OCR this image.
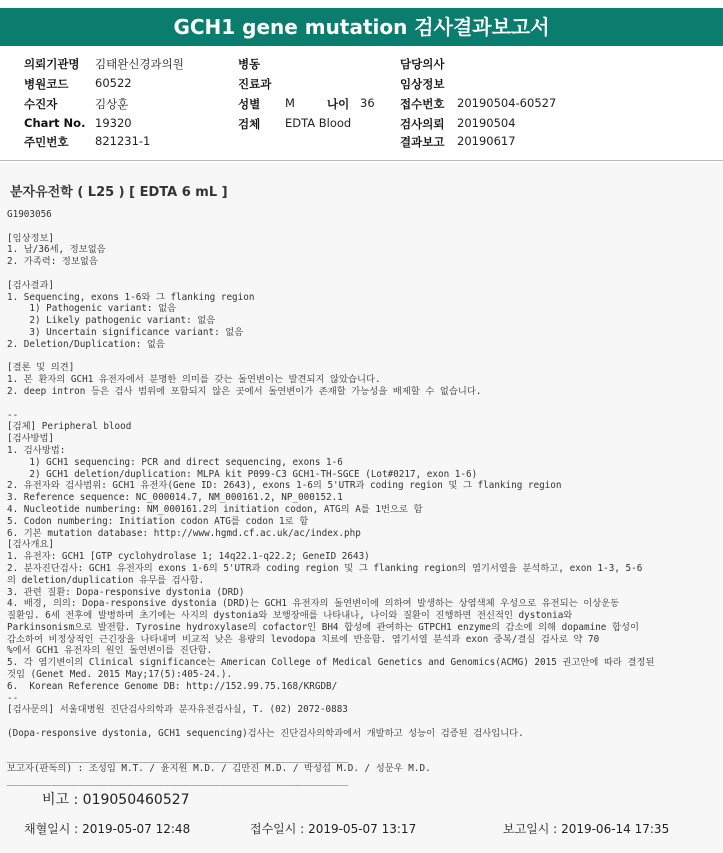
GCH1 gene mutation 검사결과보고서
의뢰기관명 김태완신경과의원	병동	담당의사
병원코드 60522	진료과	임상정보
수진자	김상훈	성별 M	나이 36 접수번호 20190504-60527
Chart No. 19320	검체 EDTA Blood	검사의뢰 20190504
주민번호 821231-1	결과보고 20190617
분자유전학 ( L25 ) [ EDTA 6 mL ]
G1903056
[임상정보]
1. 남/36세, 정보없음
2. 가족력: 정보없음
[검사결과]
1. Sequencing, exons 1-6와 그 flanking region
1) Pathogenic variant: 없음
2) Likely pathogenic variant: 없음
3) Uncertain significance variant: 없음
2. Deletion/Duplication: 없음
[결론 및 의견]
1. 본 환자의 GCH1 유전자에서 분명한 의미를 갖는 돌연변이는 발견되지 않았습니다.
2. deep intron 등은 검사 범위에 포함되지 않은 곳에서 돌연변이가 존재할 가능성을 배제할 수 없습니다.
--
[검체] Peripheral blood
[검사방법]
1. 검사방법:
1) GCH1 sequencing: PCR and direct sequencing, exons 1-6
2) GCH1 deletion/duplication: MLPA kit P099-C3 GCH1-TH-SGCE (Lot#0217, exon 1-6)
2. 유전자와 검사범위: GCH1 유전자(Gene ID: 2643), exons 1-6의 5'UTR과 coding region 및 그 flanking region
3. Reference sequence: NC_000014.7, NM_000161.2, NP_000152.1
4. Nucleotide numbering: NM_000161.2의 initiation codon, ATG의 A를 1번으로 함
5. Codon numbering: Initiation codon ATG를 codon 1로 함
6. 기본 mutation database: http://www.hgmd.cf.ac.uk/ac/index.php
[검사개요]
1. 유전자: GCH1 [GTP cyclohydrolase 1; 14q22.1-q22.2; GeneID 2643)
2. 분자진단검사: GCH1 유전자의 exons 1-6의 5'UTR과 coding region 및 그 flanking region의 염기서열을 분석하고, exon 1-3, 5-6
의 deletion/duplication 유무를 검사함.
3. 관련 질환: Dopa-responsive dystonia (DRD)
4. 배경, 의의: Dopa-responsive dystonia (DRD)는 GCH1 유전자의 돌연변이에 의하여 발생하는 상염색체 우성으로 유전되는 이상운동
질환임. 6세 전후에 발병하며 초기에는 사지의 dystonia와 보행장애를 나타내나, 나이와 질환이 진행하면 전신적인 dystonia와
Parkinsonism으로 발전함. Tyrosine hydroxylase의 cofactor인 BH4 합성에 관여하는 GTPCH1 enzyme의 감소에 의해 dopamine 합성이
감소하여 비정상적인 근긴장을 나타내며 비교적 낮은 용량의 levodopa 치료에 반응함. 염기서열 분석과 exon 중복/결실 검사로 약 70
%에서 GCH1 유전자의 원인 돌연변이를 진단함.
5. 각 염기변이의 Clinical significance는 American College of Medical Genetics and Genomics(ACMG) 2015 권고안에 따라 결정된
것임 (Genet Med. 2015 May;17(5):405-24.).
6.  Korean Reference Genome DB: http://152.99.75.168/KRGDB/
--
[검사문의] 서울대병원 진단검사의학과 분자유전검사실, T. (02) 2072-0883
(Dopa-responsive dystonia, GCH1 sequencing)검사는 진단검사의학과에서 개발하고 성능이 검증된 검사입니다.
_____________________________________________________________
보고자(판독의) : 조성임 M.T. / 윤지원 M.D. / 김만진 M.D. / 박성섭 M.D. / 성문우 M.D.
_____________________________________________________________
비고 : 019050460527
채혈일시 : 2019-05-07 12:48	접수일시 : 2019-05-07 13:17	보고일시 : 2019-06-14 17:35
